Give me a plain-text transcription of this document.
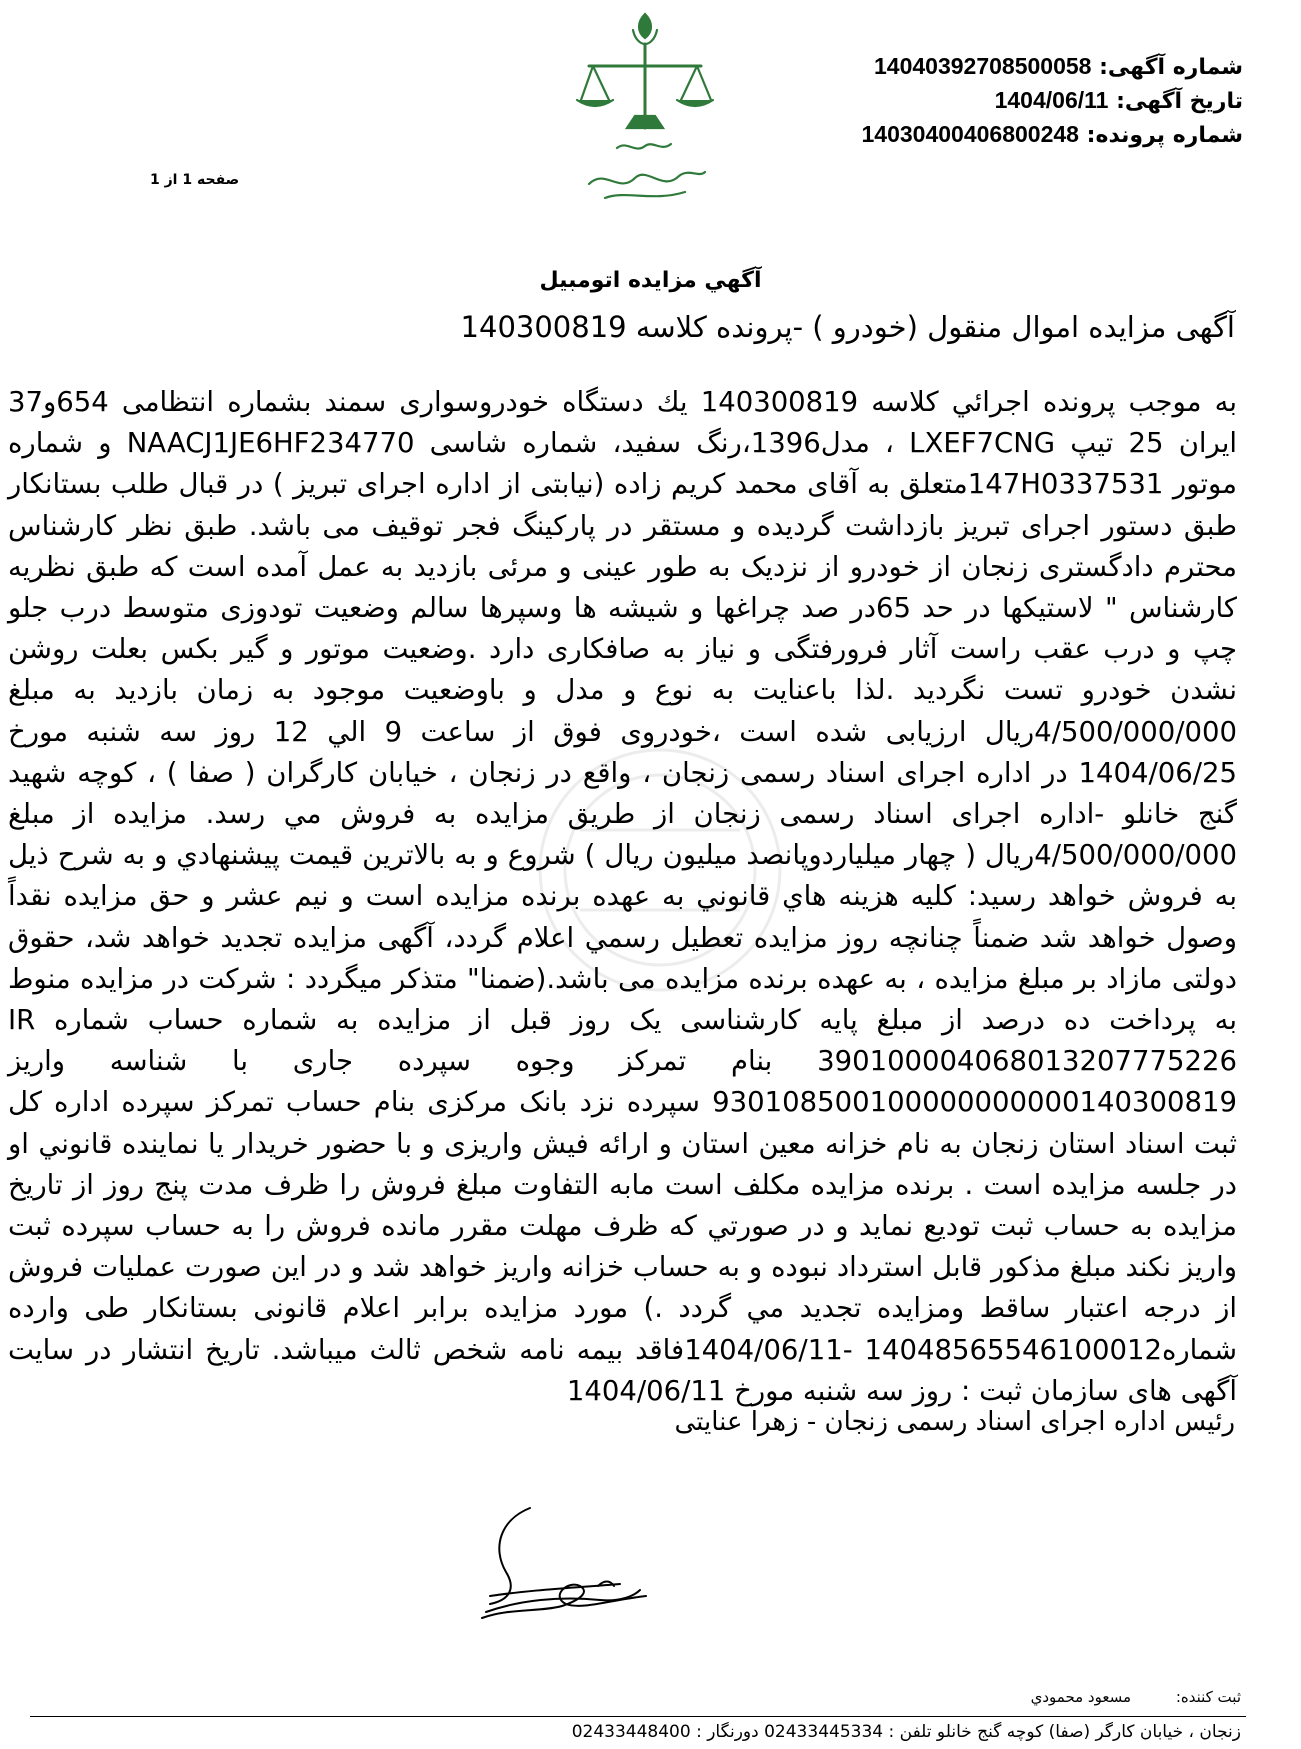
شماره آگهی: 14040392708500058
تاریخ آگهی: 1404/06/11
شماره پرونده: 14030400406800248
صفحه 1 از 1
آگهي مزايده اتومبيل
آگهی مزایده اموال منقول (خودرو ) -پرونده کلاسه 140300819
به موجب پرونده اجرائي كلاسه 140300819 يك دستگاه خودروسواری سمند بشماره انتظامی 654و37 ایران 25 تیپ LXEF7CNG ، مدل1396،رنگ سفید، شماره شاسی NAACJ1JE6HF234770 و شماره موتور 147H0337531متعلق به آقای محمد کریم زاده (نیابتی از اداره اجرای تبریز ) در قبال طلب بستانکار طبق دستور اجرای تبریز بازداشت گردیده و مستقر در پارکینگ فجر توقیف می باشد. طبق نظر کارشناس محترم دادگستری زنجان از خودرو از نزدیک به طور عینی و مرئی بازدید به عمل آمده است که طبق نظریه کارشناس " لاستیکها در حد 65در صد چراغها و شیشه ها وسپرها سالم وضعیت تودوزی متوسط درب جلو چپ و درب عقب راست آثار فرورفتگی و نیاز به صافکاری دارد .وضعیت موتور و گیر بکس بعلت روشن نشدن خودرو تست نگردید .لذا باعنایت به نوع و مدل و باوضعیت موجود به زمان بازدید به مبلغ 4/500/000/000ریال ارزيابی شده است ،خودروی فوق از ساعت 9 الي 12 روز سه شنبه مورخ 1404/06/25 در اداره اجرای اسناد رسمی زنجان ، واقع در زنجان ، خیابان کارگران ( صفا ) ، کوچه شهید گنج خانلو -اداره اجرای اسناد رسمی زنجان از طريق مزايده به فروش مي رسد. مزايده از مبلغ 4/500/000/000ریال ( چهار میلیاردوپانصد میلیون ریال ) شروع و به بالاترين قيمت پيشنهادي و به شرح ذيل به فروش خواهد رسيد: كليه هزينه هاي قانوني به عهده برنده مزايده است و نيم عشر و حق مزايده نقداً وصول خواهد شد ضمناً چنانچه روز مزايده تعطيل رسمي اعلام گردد، آگهی مزایده تجدید خواهد شد، حقوق دولتی مازاد بر مبلغ مزایده ، به عهده برنده مزایده می باشد.(ضمنا" متذکر میگردد : شرکت در مزایده منوط به پرداخت ده درصد از مبلغ پایه کارشناسی یک روز قبل از مزایده به شماره حساب شماره IR 390100004068013207775226 بنام تمرکز وجوه سپرده جاری با شناسه واریز 930108500100000000000140300819 سپرده نزد بانک مرکزی بنام حساب تمرکز سپرده اداره کل ثبت اسناد استان زنجان به نام خزانه معین استان و ارائه فیش واریزی و با حضور خریدار یا نماینده قانوني او در جلسه مزايده است . برنده مزايده مكلف است مابه التفاوت مبلغ فروش را ظرف مدت پنج روز از تاريخ مزايده به حساب ثبت توديع نمايد و در صورتي كه ظرف مهلت مقرر مانده فروش را به حساب سپرده ثبت واريز نكند مبلغ مذكور قابل استرداد نبوده و به حساب خزانه واريز خواهد شد و در اين صورت عمليات فروش از درجه اعتبار ساقط ومزايده تجديد مي گردد .) مورد مزایده برابر اعلام قانونی بستانکار طی وارده شماره14048565546100012 -1404/06/11فاقد بیمه نامه شخص ثالث میباشد. تاریخ انتشار در سایت آگهی های سازمان ثبت : روز سه شنبه مورخ 1404/06/11
رئیس اداره اجرای اسناد رسمی زنجان - زهرا عنایتی
ثبت کننده: مسعود محمودي
زنجان ، خیابان کارگر (صفا) کوچه گنج خانلو تلفن : 02433445334 دورنگار : 02433448400
